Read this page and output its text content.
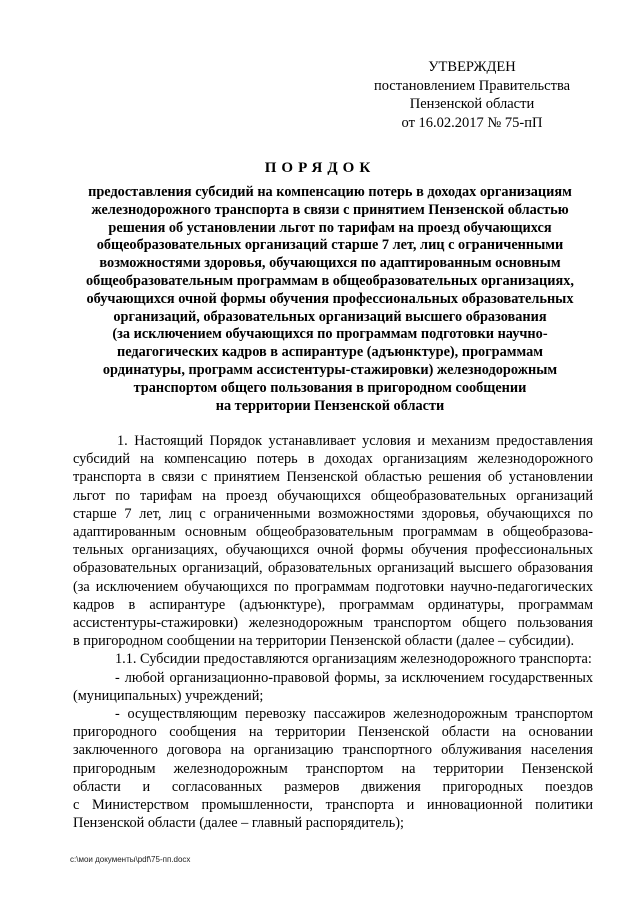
УТВЕРЖДЕН
постановлением Правительства
Пензенской области
от 16.02.2017 № 75-пП
ПОРЯДОК
предоставления субсидий на компенсацию потерь в доходах организациям
железнодорожного транспорта в связи с принятием Пензенской областью
решения об установлении льгот по тарифам на проезд обучающихся
общеобразовательных организаций старше 7 лет, лиц с ограниченными
возможностями здоровья, обучающихся по адаптированным основным
общеобразовательным программам в общеобразовательных организациях,
обучающихся очной формы обучения профессиональных образовательных
организаций, образовательных организаций высшего образования
(за исключением обучающихся по программам подготовки научно-
педагогических кадров в аспирантуре (адъюнктуре), программам
ординатуры, программ ассистентуры-стажировки) железнодорожным
транспортом общего пользования в пригородном сообщении
на территории Пензенской области
1. Настоящий Порядок устанавливает условия и механизм предоставления
субсидий на компенсацию потерь в доходах организациям железнодорожного
транспорта в связи с принятием Пензенской областью решения об установлении
льгот по тарифам на проезд обучающихся общеобразовательных организаций
старше 7 лет, лиц с ограниченными возможностями здоровья, обучающихся по
адаптированным основным общеобразовательным программам в общеобразова-
тельных организациях, обучающихся очной формы обучения профессиональных
образовательных организаций, образовательных организаций высшего образования
(за исключением обучающихся по программам подготовки научно-педагогических
кадров в аспирантуре (адъюнктуре), программам ординатуры, программам
ассистентуры-стажировки) железнодорожным транспортом общего пользования
в пригородном сообщении на территории Пензенской области (далее – субсидии).
1.1. Субсидии предоставляются организациям железнодорожного транспорта:
- любой организационно-правовой формы, за исключением государственных
(муниципальных) учреждений;
- осуществляющим перевозку пассажиров железнодорожным транспортом
пригородного сообщения на территории Пензенской области на основании
заключенного договора на организацию транспортного облуживания населения
пригородным железнодорожным транспортом на территории Пензенской
области и согласованных размеров движения пригородных поездов
с Министерством промышленности, транспорта и инновационной политики
Пензенской области (далее – главный распорядитель);
c:\мои документы\pdf\75-пп.docx
